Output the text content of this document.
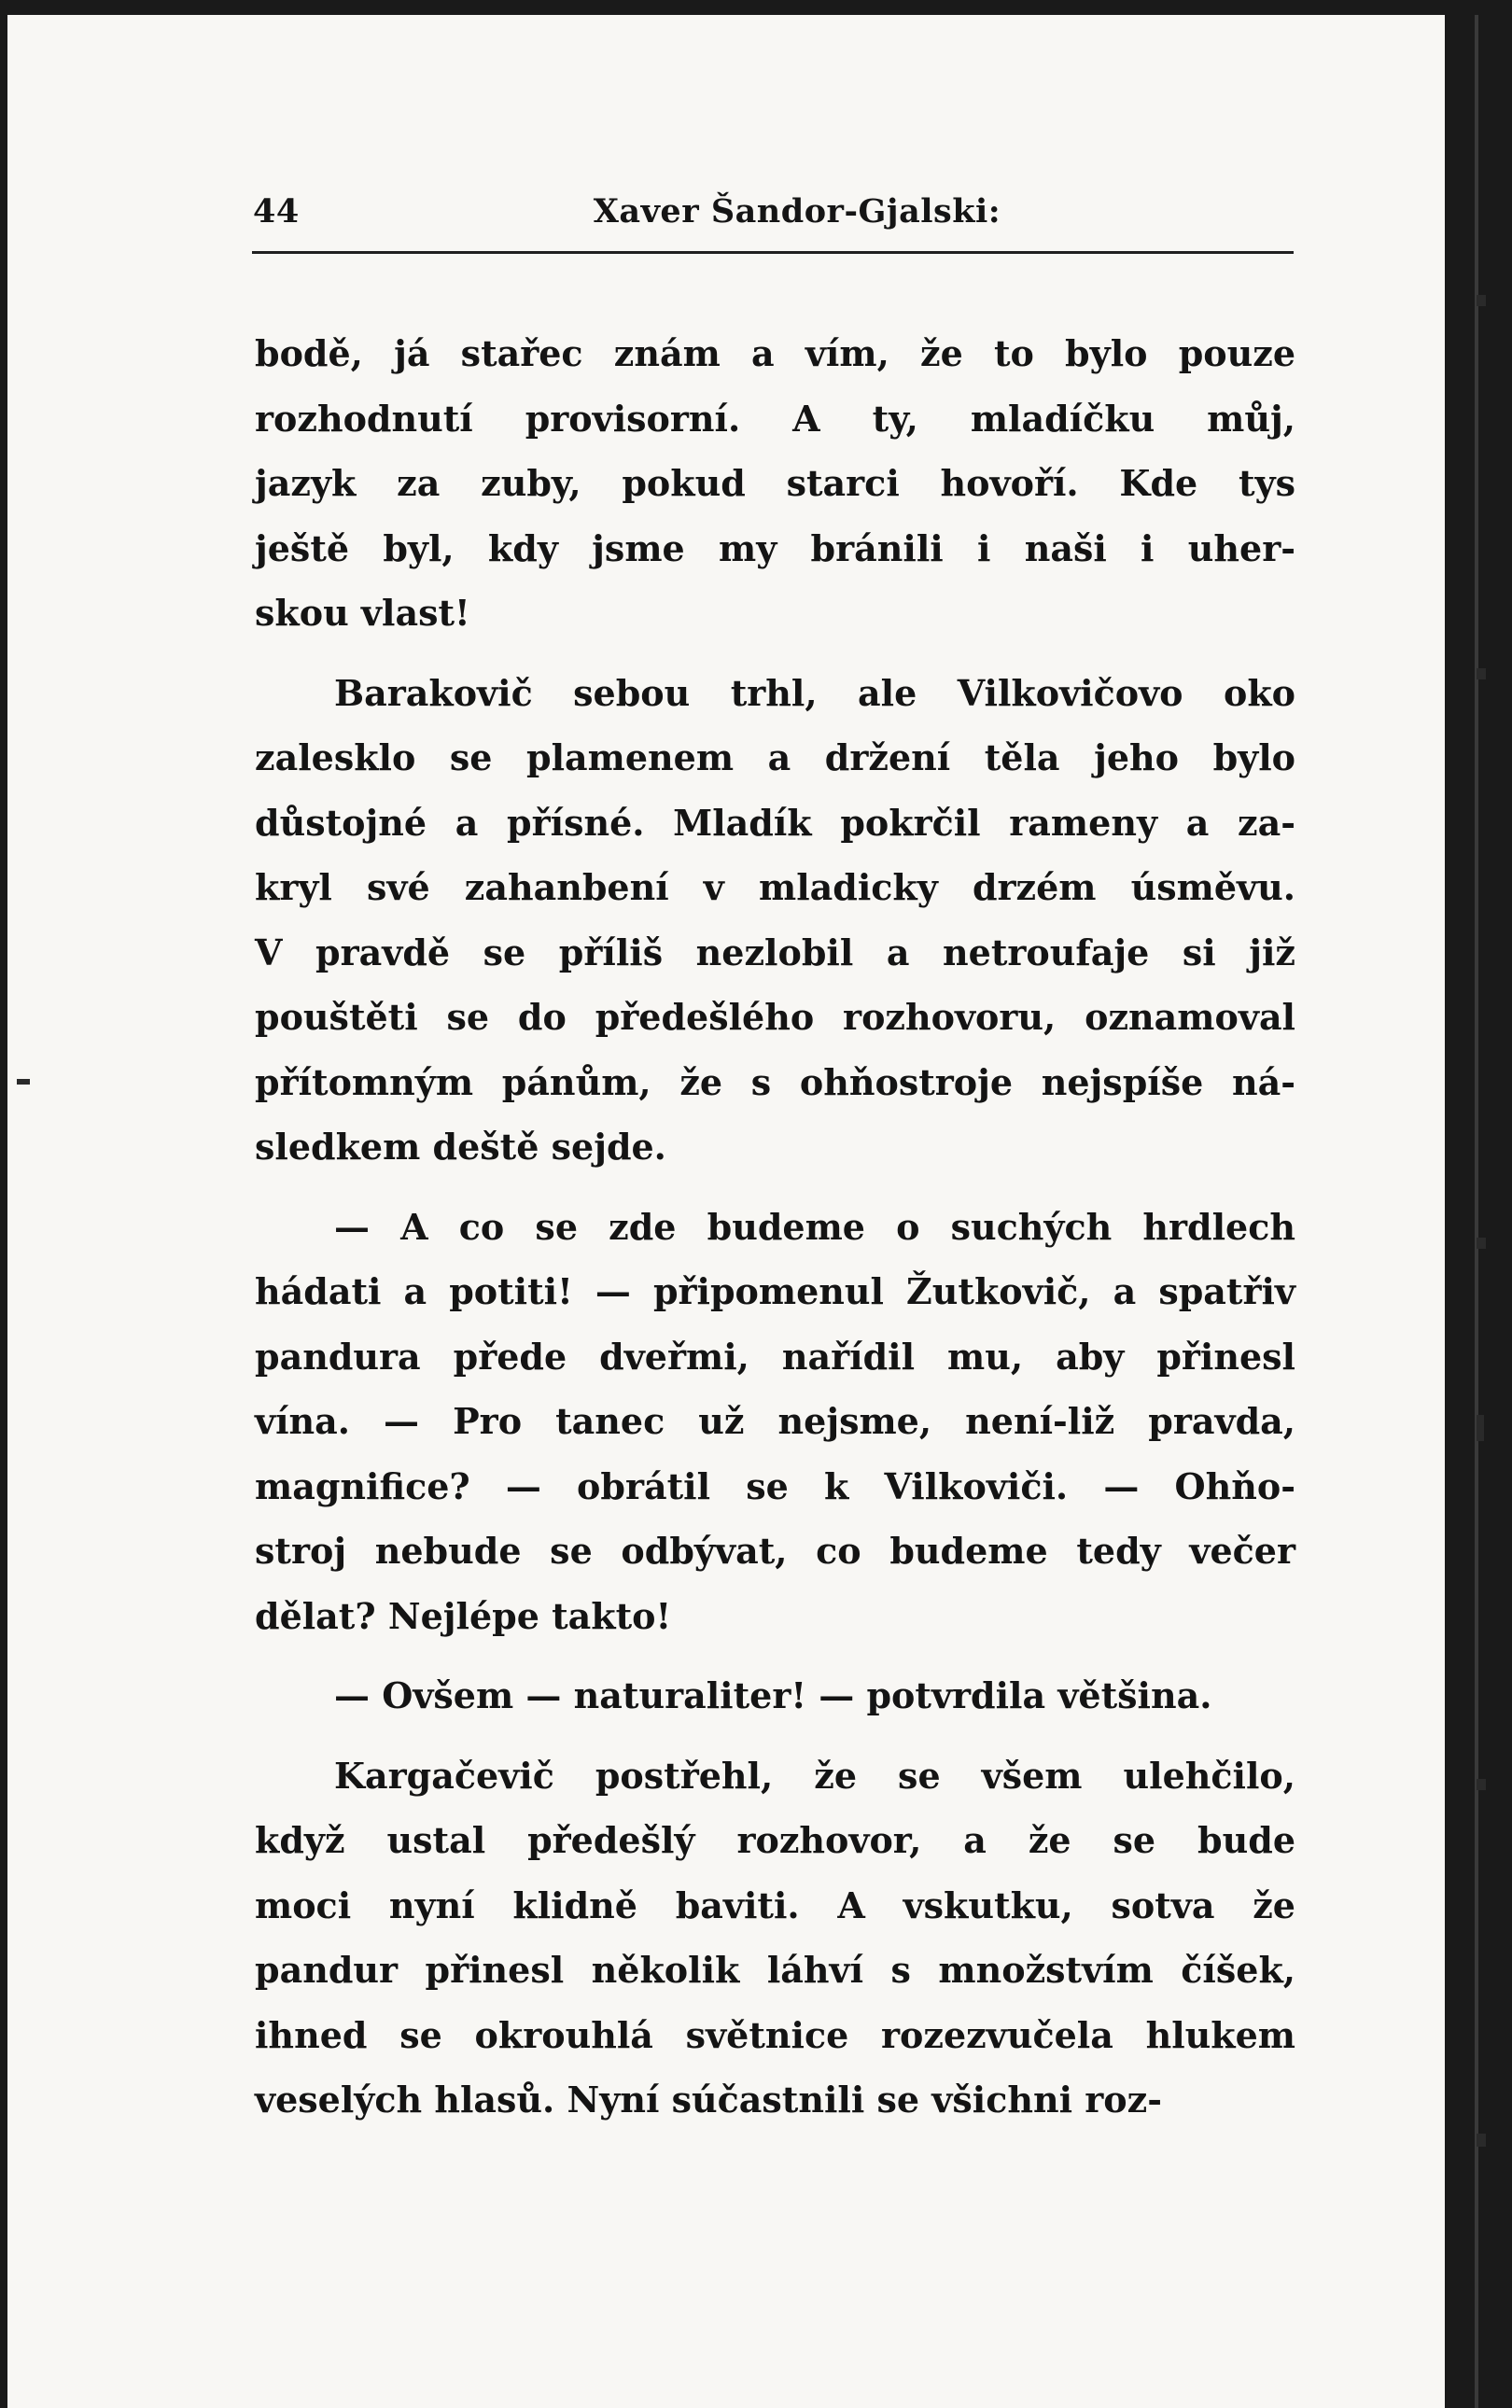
44	Xaver Šandor-Gjalski:
bodě, já stařec znám a vím, že to bylo pouze
rozhodnutí provisorní. A ty, mladíčku můj,
jazyk za zuby, pokud starci hovoří. Kde tys
ještě byl, kdy jsme my bránili i naši i uher-
skou vlast!
Barakovič sebou trhl, ale Vilkovičovo oko
zalesklo se plamenem a držení těla jeho bylo
důstojné a přísné. Mladík pokrčil rameny a za-
kryl své zahanbení v mladicky drzém úsměvu.
V pravdě se příliš nezlobil a netroufaje si již
pouštěti se do předešlého rozhovoru, oznamoval
přítomným pánům, že s ohňostroje nejspíše ná-
sledkem deště sejde.
— A co se zde budeme o suchých hrdlech
hádati a potiti! — připomenul Žutkovič, a spatřiv
pandura přede dveřmi, nařídil mu, aby přinesl
vína. — Pro tanec už nejsme, není-liž pravda,
magnifice? — obrátil se k Vilkoviči. — Ohňo-
stroj nebude se odbývat, co budeme tedy večer
dělat? Nejlépe takto!
— Ovšem — naturaliter! — potvrdila většina.
Kargačevič postřehl, že se všem ulehčilo,
když ustal předešlý rozhovor, a že se bude
moci nyní klidně baviti. A vskutku, sotva že
pandur přinesl několik láhví s množstvím číšek,
ihned se okrouhlá světnice rozezvučela hlukem
veselých hlasů. Nyní súčastnili se všichni roz-
